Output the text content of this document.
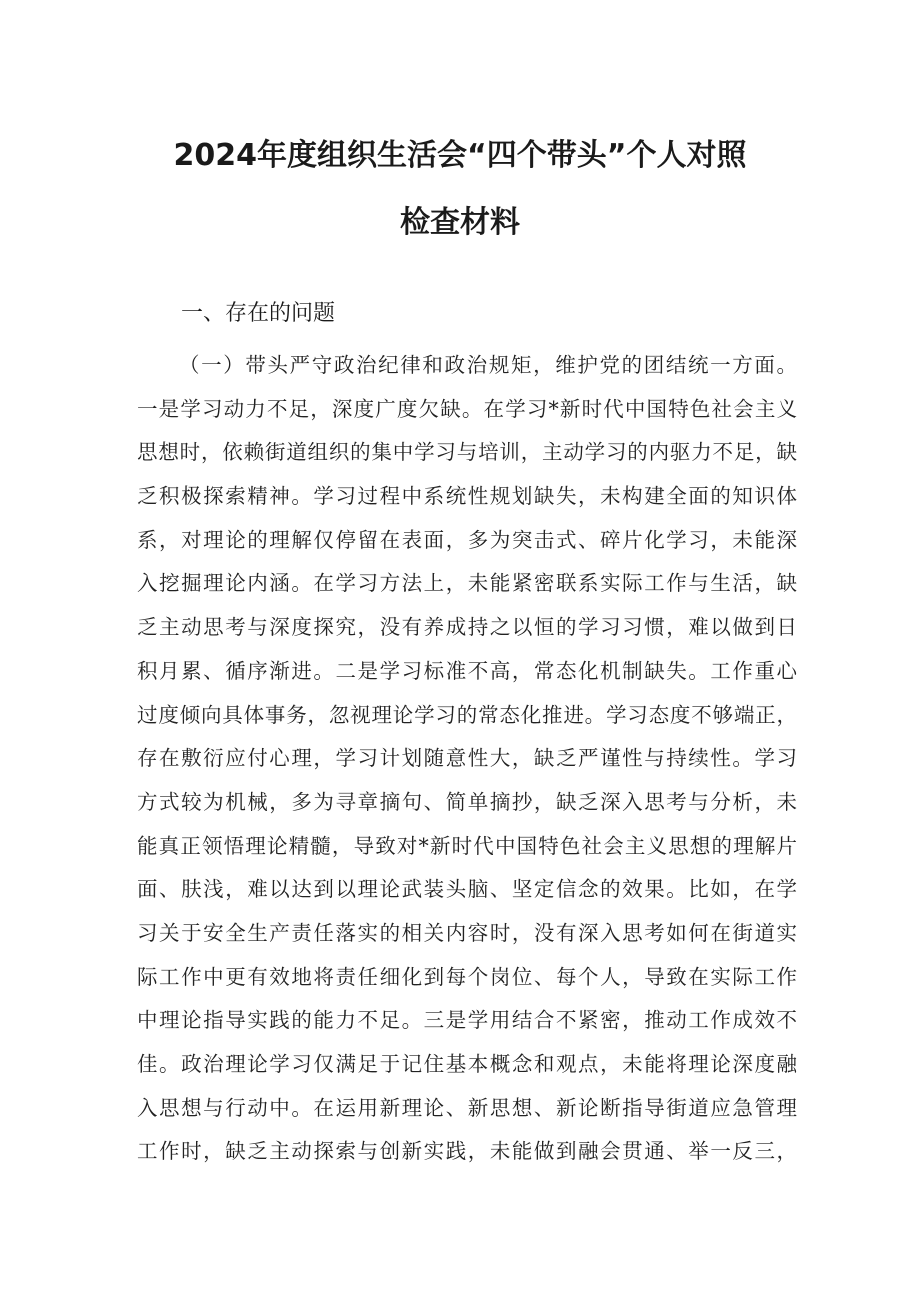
2024年度组织生活会“四个带头”个人对照
检查材料
一、存在的问题
（一）带头严守政治纪律和政治规矩，维护党的团结统一方面。
一是学习动力不足，深度广度欠缺。在学习*新时代中国特色社会主义
思想时，依赖街道组织的集中学习与培训，主动学习的内驱力不足，缺
乏积极探索精神。学习过程中系统性规划缺失，未构建全面的知识体
系，对理论的理解仅停留在表面，多为突击式、碎片化学习，未能深
入挖掘理论内涵。在学习方法上，未能紧密联系实际工作与生活，缺
乏主动思考与深度探究，没有养成持之以恒的学习习惯，难以做到日
积月累、循序渐进。二是学习标准不高，常态化机制缺失。工作重心
过度倾向具体事务，忽视理论学习的常态化推进。学习态度不够端正，
存在敷衍应付心理，学习计划随意性大，缺乏严谨性与持续性。学习
方式较为机械，多为寻章摘句、简单摘抄，缺乏深入思考与分析，未
能真正领悟理论精髓，导致对*新时代中国特色社会主义思想的理解片
面、肤浅，难以达到以理论武装头脑、坚定信念的效果。比如，在学
习关于安全生产责任落实的相关内容时，没有深入思考如何在街道实
际工作中更有效地将责任细化到每个岗位、每个人，导致在实际工作
中理论指导实践的能力不足。三是学用结合不紧密，推动工作成效不
佳。政治理论学习仅满足于记住基本概念和观点，未能将理论深度融
入思想与行动中。在运用新理论、新思想、新论断指导街道应急管理
工作时，缺乏主动探索与创新实践，未能做到融会贯通、举一反三，
